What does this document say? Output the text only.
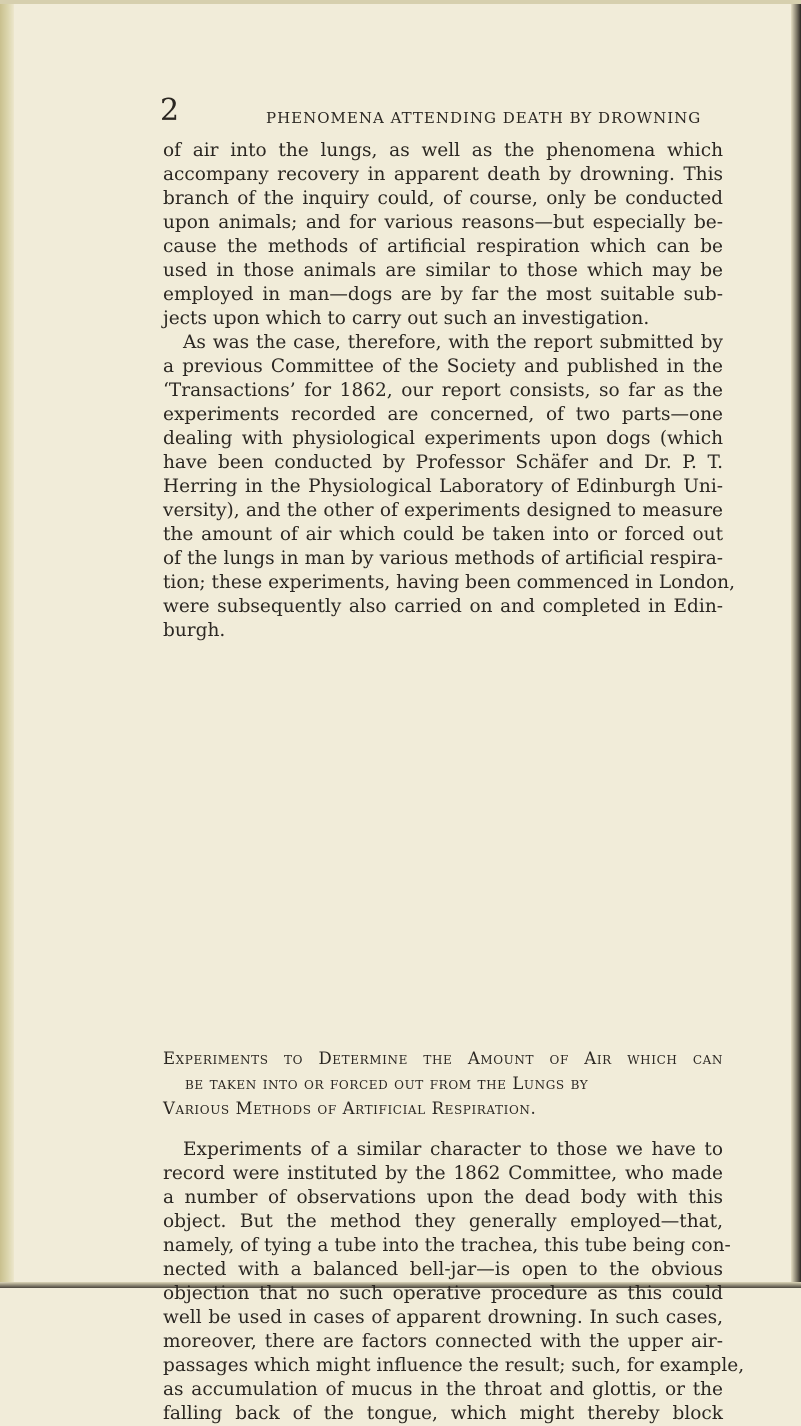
2	PHENOMENA ATTENDING DEATH BY DROWNING
of air into the lungs, as well as the phenomena which
accompany recovery in apparent death by drowning. This
branch of the inquiry could, of course, only be conducted
upon animals; and for various reasons—but especially be-
cause the methods of artificial respiration which can be
used in those animals are similar to those which may be
employed in man—dogs are by far the most suitable sub-
jects upon which to carry out such an investigation.
As was the case, therefore, with the report submitted by
a previous Committee of the Society and published in the
‘Transactions’ for 1862, our report consists, so far as the
experiments recorded are concerned, of two parts—one
dealing with physiological experiments upon dogs (which
have been conducted by Professor Schäfer and Dr. P. T.
Herring in the Physiological Laboratory of Edinburgh Uni-
versity), and the other of experiments designed to measure
the amount of air which could be taken into or forced out
of the lungs in man by various methods of artificial respira-
tion; these experiments, having been commenced in London,
were subsequently also carried on and completed in Edin-
burgh.
Experiments to Determine the Amount of Air which can
be taken into or forced out from the Lungs by
Various Methods of Artificial Respiration.
Experiments of a similar character to those we have to
record were instituted by the 1862 Committee, who made
a number of observations upon the dead body with this
object. But the method they generally employed—that,
namely, of tying a tube into the trachea, this tube being con-
nected with a balanced bell-jar—is open to the obvious
objection that no such operative procedure as this could
well be used in cases of apparent drowning. In such cases,
moreover, there are factors connected with the upper air-
passages which might influence the result; such, for example,
as accumulation of mucus in the throat and glottis, or the
falling back of the tongue, which might thereby block
